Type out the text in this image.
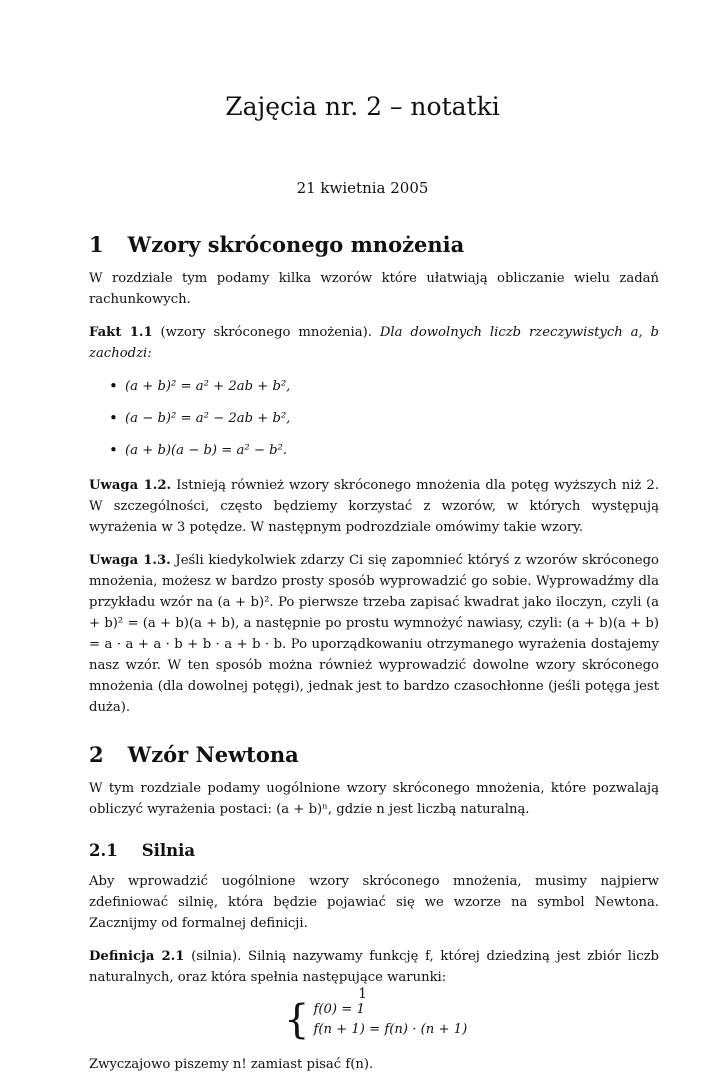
Zajęcia nr. 2 – notatki
21 kwietnia 2005
1 Wzory skróconego mnożenia

W rozdziale tym podamy kilka wzorów które ułatwiają obliczanie wielu zadań rachunkowych.

Fakt 1.1 (wzory skróconego mnożenia). Dla dowolnych liczb rzeczywistych a, b zachodzi:

• (a + b)² = a² + 2ab + b²,
• (a − b)² = a² − 2ab + b²,
• (a + b)(a − b) = a² − b².

Uwaga 1.2. Istnieją również wzory skróconego mnożenia dla potęg wyższych niż 2. W szczególności, często będziemy korzystać z wzorów, w których występują wyrażenia w 3 potędze. W następnym podrozdziale omówimy takie wzory.

Uwaga 1.3. Jeśli kiedykolwiek zdarzy Ci się zapomnieć któryś z wzorów skróconego mnożenia, możesz w bardzo prosty sposób wyprowadzić go sobie. Wyprowadźmy dla przykładu wzór na (a + b)². Po pierwsze trzeba zapisać kwadrat jako iloczyn, czyli (a + b)² = (a + b)(a + b), a następnie po prostu wymnożyć nawiasy, czyli: (a + b)(a + b) = a · a + a · b + b · a + b · b. Po uporządkowaniu otrzymanego wyrażenia dostajemy nasz wzór. W ten sposób można również wyprowadzić dowolne wzory skróconego mnożenia (dla dowolnej potęgi), jednak jest to bardzo czasochłonne (jeśli potęga jest duża).

2 Wzór Newtona

W tym rozdziale podamy uogólnione wzory skróconego mnożenia, które pozwalają obliczyć wyrażenia postaci: (a + b)ⁿ, gdzie n jest liczbą naturalną.

2.1 Silnia

Aby wprowadzić uogólnione wzory skróconego mnożenia, musimy najpierw zdefiniować silnię, która będzie pojawiać się we wzorze na symbol Newtona. Zacznijmy od formalnej definicji.

Definicja 2.1 (silnia). Silnią nazywamy funkcję f, której dziedziną jest zbiór liczb naturalnych, oraz która spełnia następujące warunki:

{ f(0) = 1
f(n + 1) = f(n) · (n + 1)

Zwyczajowo piszemy n! zamiast pisać f(n).

1
